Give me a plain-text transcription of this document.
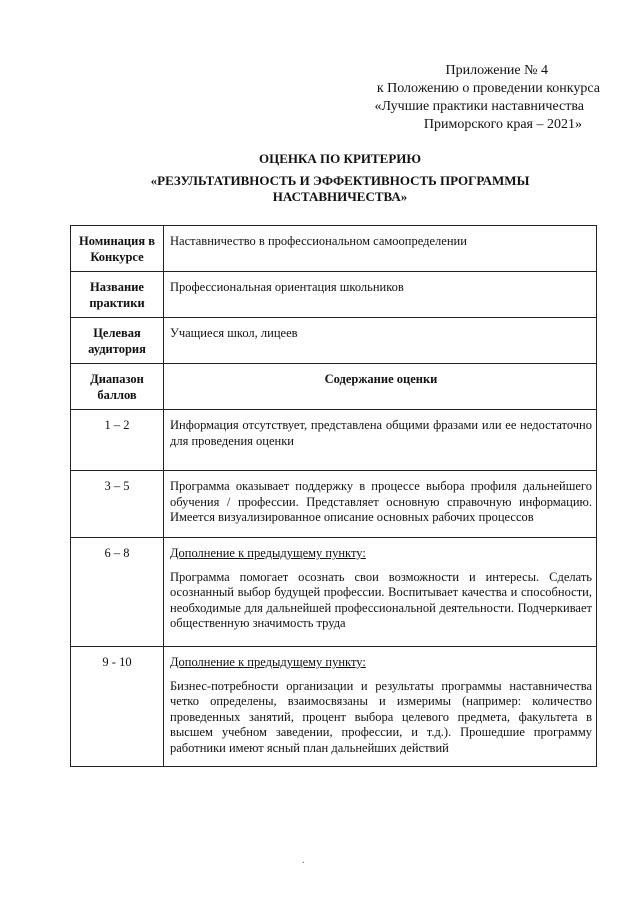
Приложение № 4
к Положению о проведении конкурса
«Лучшие практики наставничества
Приморского края – 2021»
ОЦЕНКА ПО КРИТЕРИЮ
«РЕЗУЛЬТАТИВНОСТЬ И ЭФФЕКТИВНОСТЬ ПРОГРАММЫ НАСТАВНИЧЕСТВА»
Номинация в Конкурсе	Наставничество в профессиональном самоопределении
Название практики	Профессиональная ориентация школьников
Целевая аудитория	Учащиеся школ, лицеев
Диапазон баллов	Содержание оценки

1 – 2	Информация отсутствует, представлена общими фразами или ее недостаточно для проведения оценки
3 – 5	Программа оказывает поддержку в процессе выбора профиля дальнейшего обучения / профессии. Представляет основную справочную информацию. Имеется визуализированное описание основных рабочих процессов
6 – 8	Дополнение к предыдущему пункту:
Программа помогает осознать свои возможности и интересы. Сделать осознанный выбор будущей профессии. Воспитывает качества и способности, необходимые для дальнейшей профессиональной деятельности. Подчеркивает общественную значимость труда
9 - 10	Дополнение к предыдущему пункту:
Бизнес-потребности организации и результаты программы наставничества четко определены, взаимосвязаны и измеримы (например: количество проведенных занятий, процент выбора целевого предмета, факультета в высшем учебном заведении, профессии, и т.д.). Прошедшие программу работники имеют ясный план дальнейших действий
.
